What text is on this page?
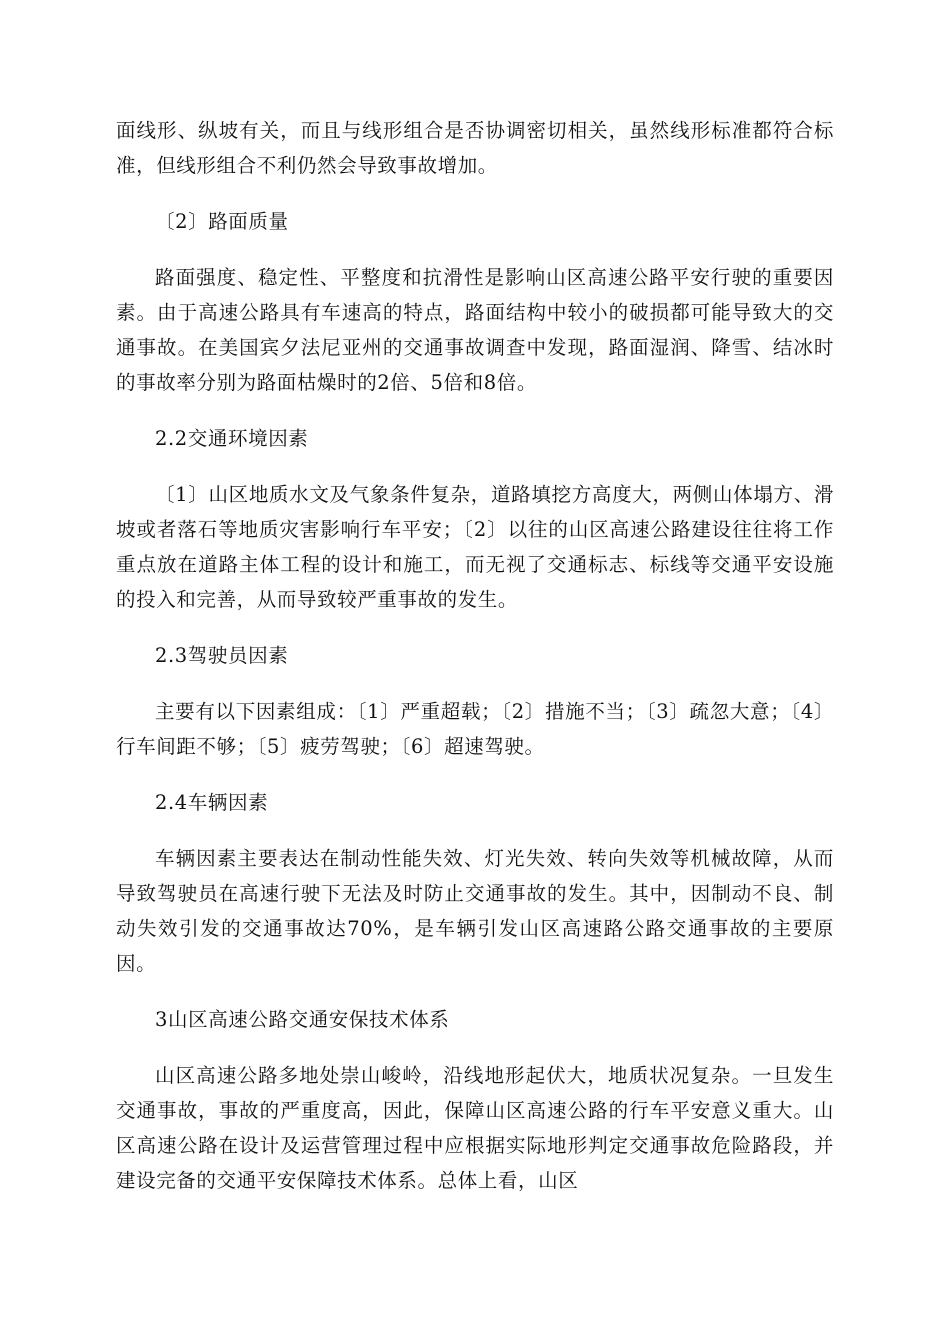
面线形、纵坡有关，而且与线形组合是否协调密切相关，虽然线形标准都符合标准，但线形组合不利仍然会导致事故增加。

〔2〕路面质量

路面强度、稳定性、平整度和抗滑性是影响山区高速公路平安行驶的重要因素。由于高速公路具有车速高的特点，路面结构中较小的破损都可能导致大的交通事故。在美国宾夕法尼亚州的交通事故调查中发现，路面湿润、降雪、结冰时的事故率分别为路面枯燥时的2倍、5倍和8倍。

2.2交通环境因素

〔1〕山区地质水文及气象条件复杂，道路填挖方高度大，两侧山体塌方、滑坡或者落石等地质灾害影响行车平安；〔2〕以往的山区高速公路建设往往将工作重点放在道路主体工程的设计和施工，而无视了交通标志、标线等交通平安设施的投入和完善，从而导致较严重事故的发生。

2.3驾驶员因素

主要有以下因素组成：〔1〕严重超载；〔2〕措施不当；〔3〕疏忽大意；〔4〕行车间距不够；〔5〕疲劳驾驶；〔6〕超速驾驶。

2.4车辆因素

车辆因素主要表达在制动性能失效、灯光失效、转向失效等机械故障，从而导致驾驶员在高速行驶下无法及时防止交通事故的发生。其中，因制动不良、制动失效引发的交通事故达70%，是车辆引发山区高速路公路交通事故的主要原因。

3山区高速公路交通安保技术体系

山区高速公路多地处崇山峻岭，沿线地形起伏大，地质状况复杂。一旦发生交通事故，事故的严重度高，因此，保障山区高速公路的行车平安意义重大。山区高速公路在设计及运营管理过程中应根据实际地形判定交通事故危险路段，并建设完备的交通平安保障技术体系。总体上看，山区
